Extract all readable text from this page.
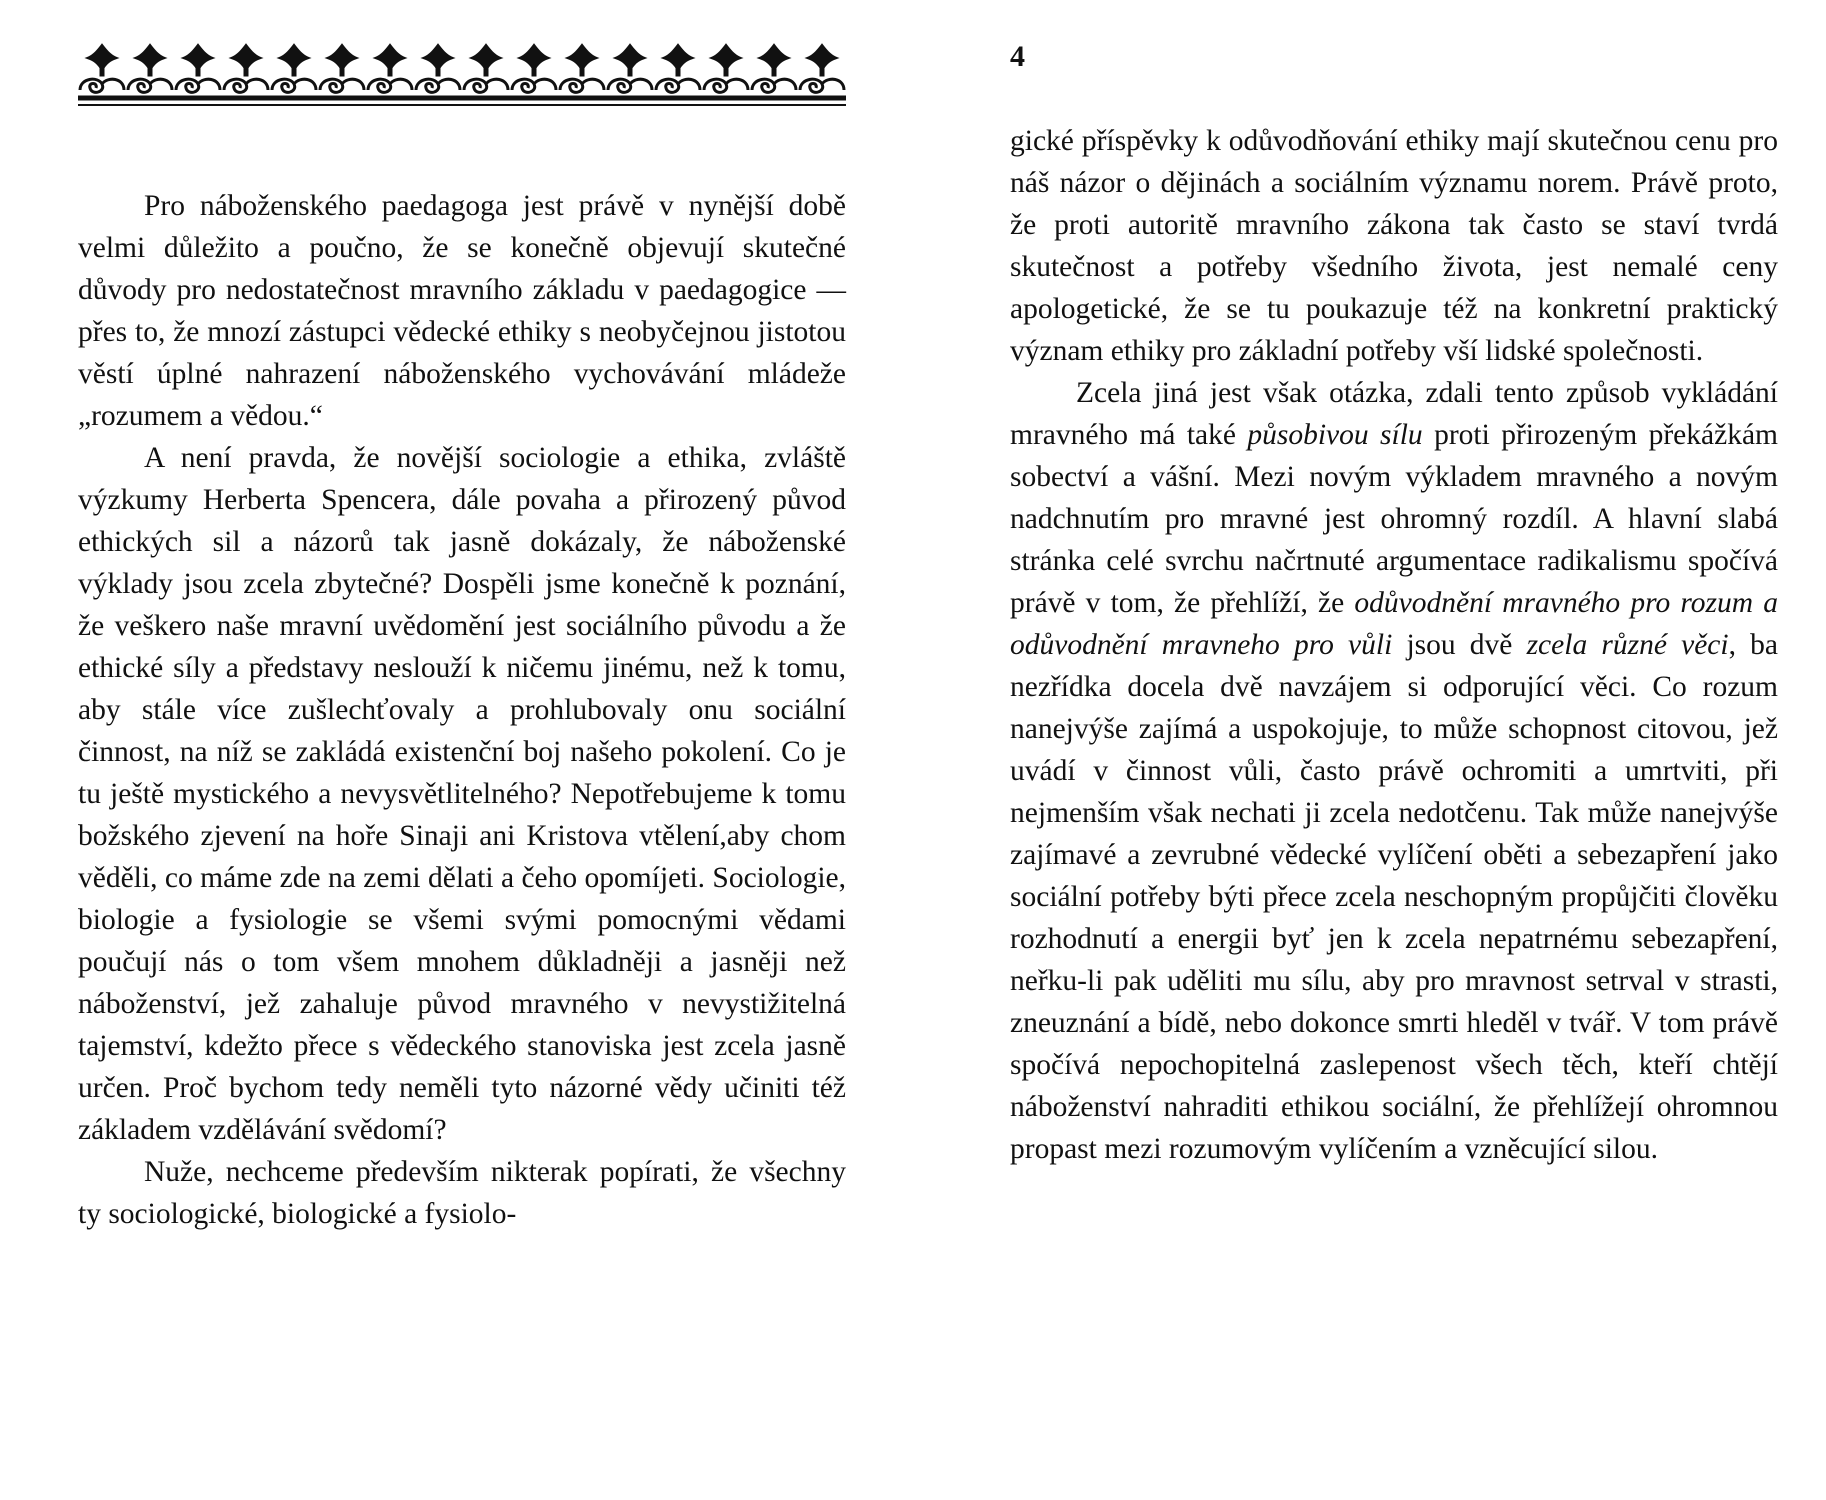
Pro náboženského paedagoga jest právě v nynější době velmi důležito a poučno, že se konečně objevují skutečné důvody pro nedostatečnost mravního základu v paedagogice — přes to, že mnozí zástupci vědecké ethiky s neobyčejnou jistotou věstí úplné nahrazení náboženského vychovávání mládeže „rozumem a vědou.“

A není pravda, že novější sociologie a ethika, zvláště výzkumy Herberta Spencera, dále povaha a přirozený původ ethických sil a názorů tak jasně dokázaly, že náboženské výklady jsou zcela zbytečné? Dospěli jsme konečně k poznání, že veškero naše mravní uvědomění jest sociálního původu a že ethické síly a představy neslouží k ničemu jinému, než k tomu, aby stále více zušlechťovaly a prohlubovaly onu sociální činnost, na níž se zakládá existenční boj našeho pokolení. Co je tu ještě mystického a nevysvětlitelného? Nepotřebujeme k tomu božského zjevení na hoře Sinaji ani Kristova vtělení,aby chom věděli, co máme zde na zemi dělati a čeho opomíjeti. Sociologie, biologie a fysiologie se všemi svými pomocnými vědami poučují nás o tom všem mnohem důkladněji a jasněji než náboženství, jež zahaluje původ mravného v nevystižitelná tajemství, kdežto přece s vědeckého stanoviska jest zcela jasně určen. Proč bychom tedy neměli tyto názorné vědy učiniti též základem vzdělávání svědomí?

Nuže, nechceme především nikterak popírati, že všechny ty sociologické, biologické a fysiolo-

4

gické příspěvky k odůvodňování ethiky mají skutečnou cenu pro náš názor o dějinách a sociálním významu norem. Právě proto, že proti autoritě mravního zákona tak často se staví tvrdá skutečnost a potřeby všedního života, jest nemalé ceny apologetické, že se tu poukazuje též na konkretní praktický význam ethiky pro základní potřeby vší lidské společnosti.

Zcela jiná jest však otázka, zdali tento způsob vykládání mravného má také působivou sílu proti přirozeným překážkám sobectví a vášní. Mezi novým výkladem mravného a novým nadchnutím pro mravné jest ohromný rozdíl. A hlavní slabá stránka celé svrchu načrtnuté argumentace radikalismu spočívá právě v tom, že přehlíží, že odůvodnění mravného pro rozum a odůvodnění mravneho pro vůli jsou dvě zcela různé věci, ba nezřídka docela dvě navzájem si odporující věci. Co rozum nanejvýše zajímá a uspokojuje, to může schopnost citovou, jež uvádí v činnost vůli, často právě ochromiti a umrtviti, při nejmenším však nechati ji zcela nedotčenu. Tak může nanejvýše zajímavé a zevrubné vědecké vylíčení oběti a sebezapření jako sociální potřeby býti přece zcela neschopným propůjčiti člověku rozhodnutí a energii byť jen k zcela nepatrnému sebezapření, neřku-li pak uděliti mu sílu, aby pro mravnost setrval v strasti, zneuznání a bídě, nebo dokonce smrti hleděl v tvář. V tom právě spočívá nepochopitelná zaslepenost všech těch, kteří chtějí náboženství nahraditi ethikou sociální, že přehlížejí ohromnou propast mezi rozumovým vylíčením a vzněcující silou.
